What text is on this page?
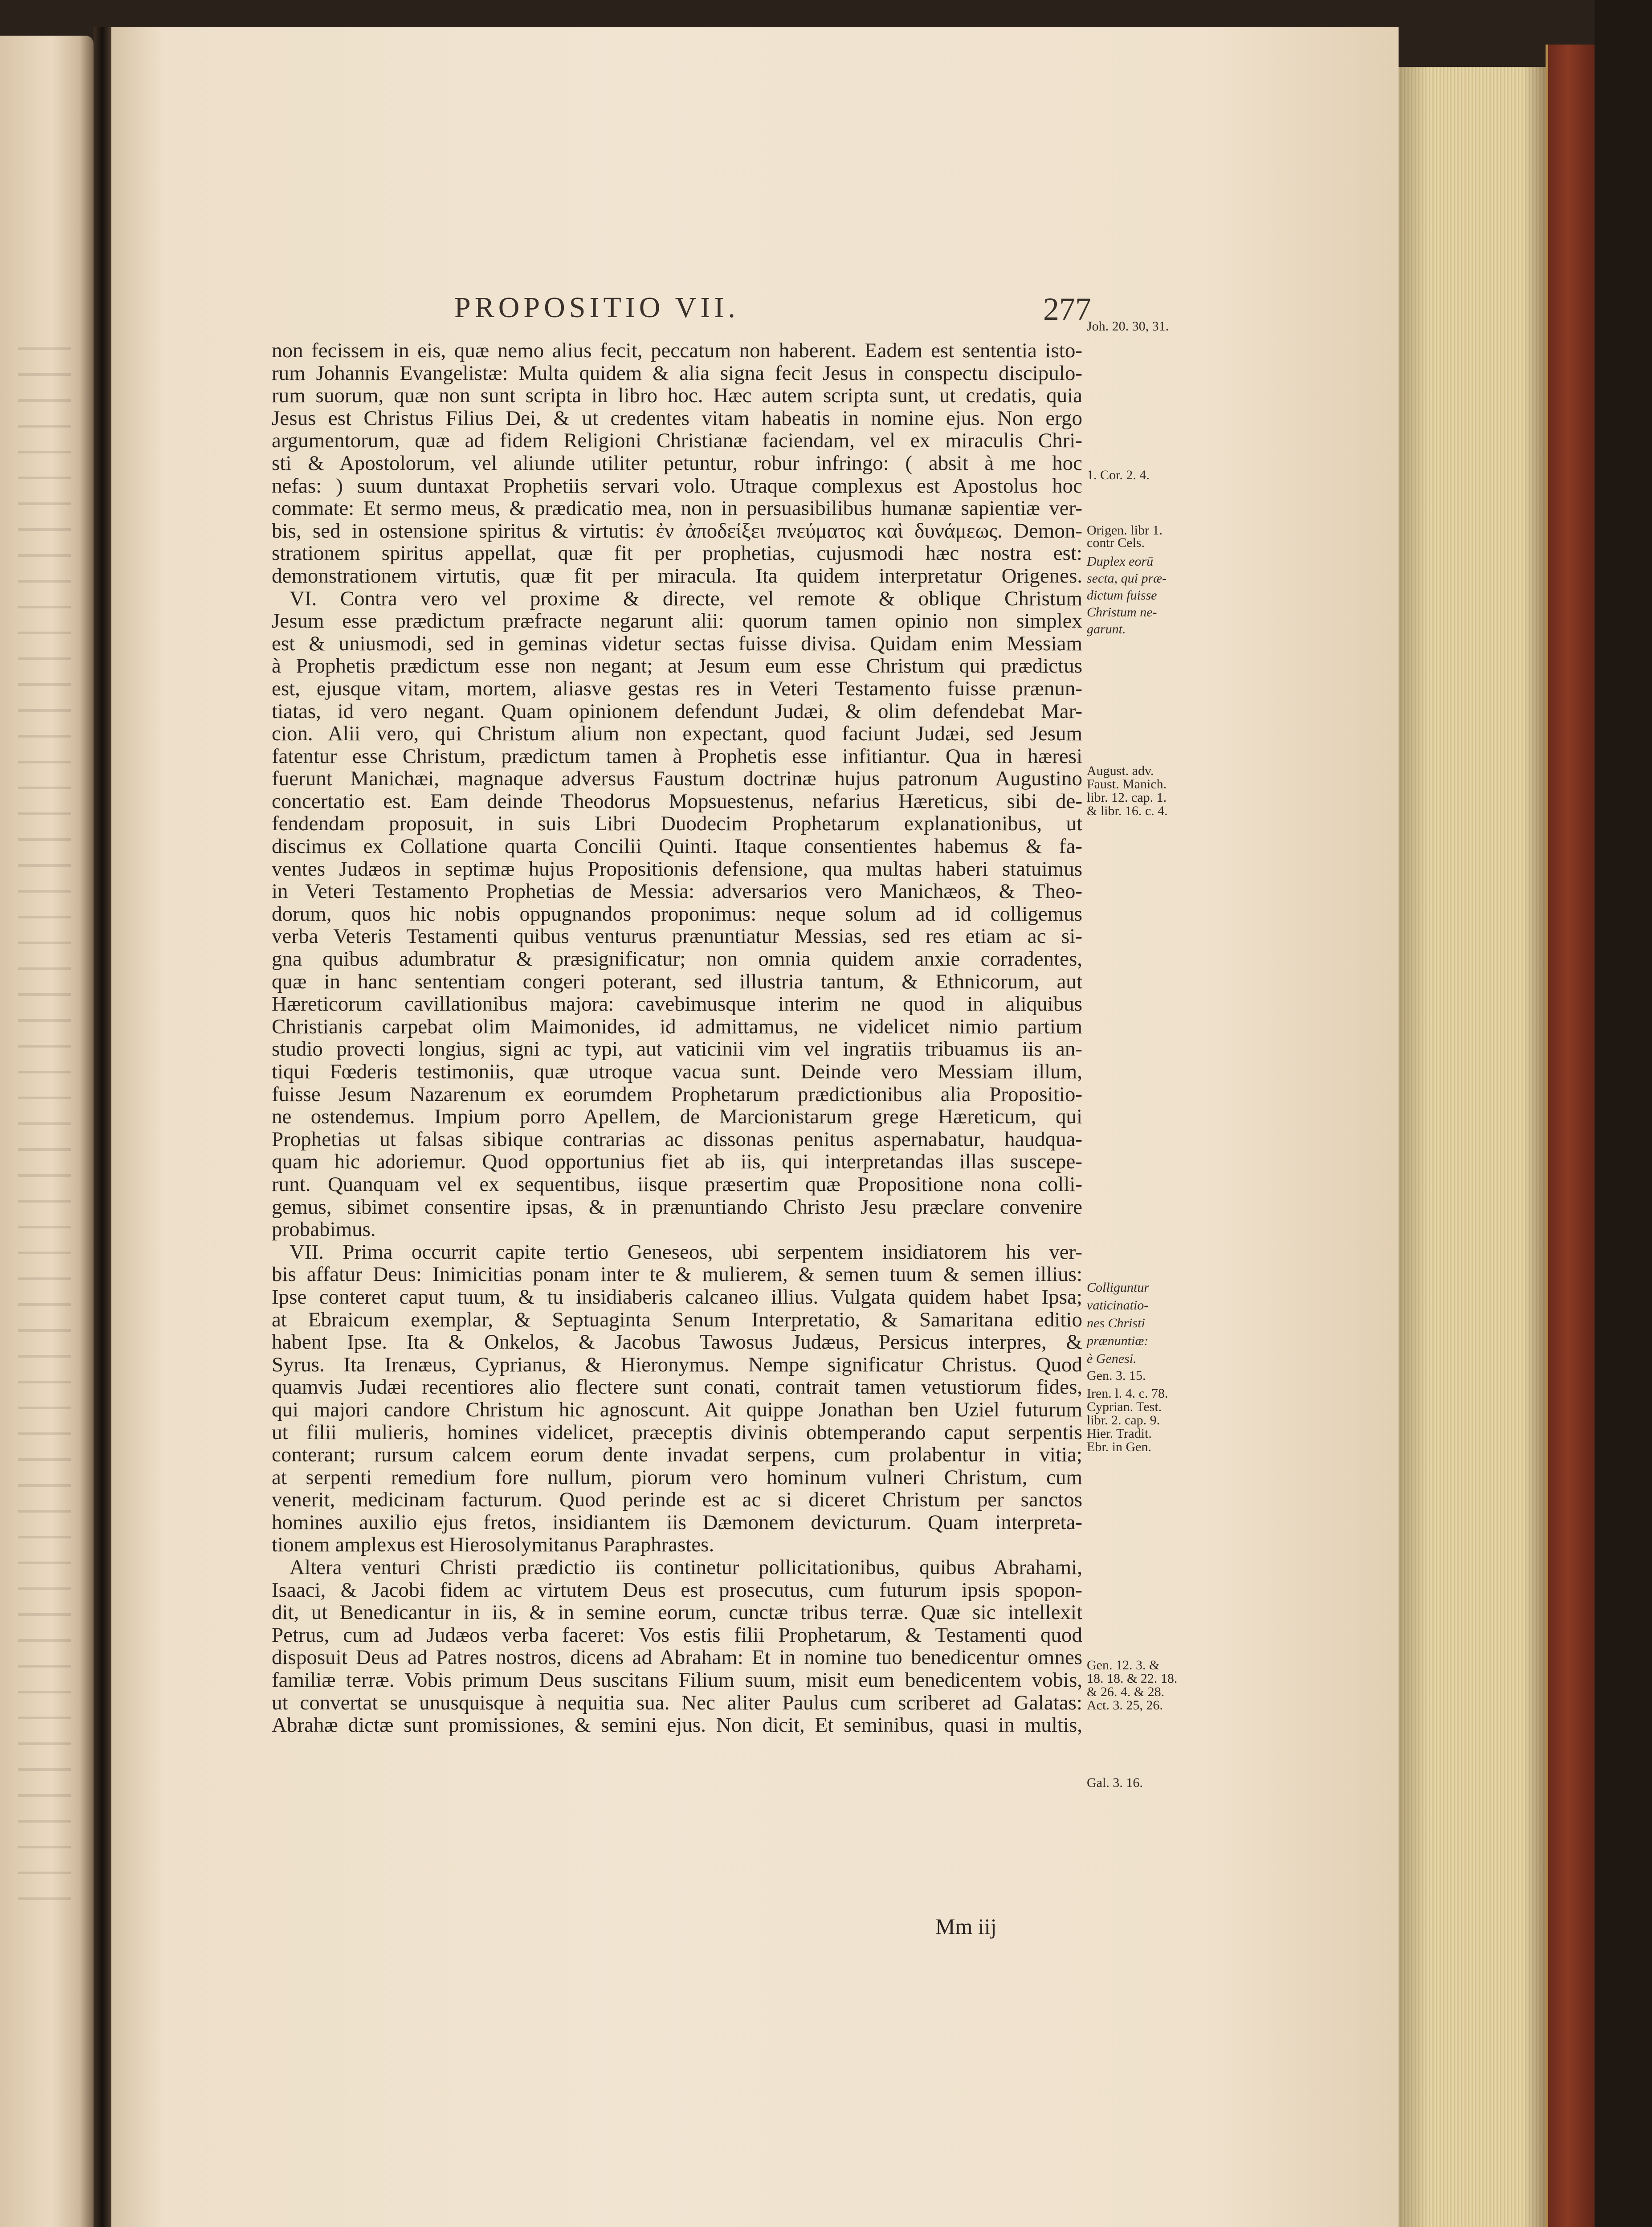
PROPOSITIO VII.	277
non fecissem in eis, quæ nemo alius fecit, peccatum non haberent. Eadem est sententia isto-
rum Johannis Evangelistæ: Multa quidem & alia signa fecit Jesus in conspectu discipulo-
rum suorum, quæ non sunt scripta in libro hoc. Hæc autem scripta sunt, ut credatis, quia
Jesus est Christus Filius Dei, & ut credentes vitam habeatis in nomine ejus. Non ergo
argumentorum, quæ ad fidem Religioni Christianæ faciendam, vel ex miraculis Chri-
sti & Apostolorum, vel aliunde utiliter petuntur, robur infringo: ( absit à me hoc
nefas: ) suum duntaxat Prophetiis servari volo. Utraque complexus est Apostolus hoc
commate: Et sermo meus, & prædicatio mea, non in persuasibilibus humanæ sapientiæ ver-
bis, sed in ostensione spiritus & virtutis: ἐν ἀποδείξει πνεύματος καὶ δυνάμεως. Demon-
strationem spiritus appellat, quæ fit per prophetias, cujusmodi hæc nostra est:
demonstrationem virtutis, quæ fit per miracula. Ita quidem interpretatur Origenes.
VI. Contra vero vel proxime & directe, vel remote & oblique Christum
Jesum esse prædictum præfracte negarunt alii: quorum tamen opinio non simplex
est & uniusmodi, sed in geminas videtur sectas fuisse divisa. Quidam enim Messiam
à Prophetis prædictum esse non negant; at Jesum eum esse Christum qui prædictus
est, ejusque vitam, mortem, aliasve gestas res in Veteri Testamento fuisse prænun-
tiatas, id vero negant. Quam opinionem defendunt Judæi, & olim defendebat Mar-
cion. Alii vero, qui Christum alium non expectant, quod faciunt Judæi, sed Jesum
fatentur esse Christum, prædictum tamen à Prophetis esse infitiantur. Qua in hæresi
fuerunt Manichæi, magnaque adversus Faustum doctrinæ hujus patronum Augustino
concertatio est. Eam deinde Theodorus Mopsuestenus, nefarius Hæreticus, sibi de-
fendendam proposuit, in suis Libri Duodecim Prophetarum explanationibus, ut
discimus ex Collatione quarta Concilii Quinti. Itaque consentientes habemus & fa-
ventes Judæos in septimæ hujus Propositionis defensione, qua multas haberi statuimus
in Veteri Testamento Prophetias de Messia: adversarios vero Manichæos, & Theo-
dorum, quos hic nobis oppugnandos proponimus: neque solum ad id colligemus
verba Veteris Testamenti quibus venturus prænuntiatur Messias, sed res etiam ac si-
gna quibus adumbratur & præsignificatur; non omnia quidem anxie corradentes,
quæ in hanc sententiam congeri poterant, sed illustria tantum, & Ethnicorum, aut
Hæreticorum cavillationibus majora: cavebimusque interim ne quod in aliquibus
Christianis carpebat olim Maimonides, id admittamus, ne videlicet nimio partium
studio provecti longius, signi ac typi, aut vaticinii vim vel ingratiis tribuamus iis an-
tiqui Fœderis testimoniis, quæ utroque vacua sunt. Deinde vero Messiam illum,
fuisse Jesum Nazarenum ex eorumdem Prophetarum prædictionibus alia Propositio-
ne ostendemus. Impium porro Apellem, de Marcionistarum grege Hæreticum, qui
Prophetias ut falsas sibique contrarias ac dissonas penitus aspernabatur, haudqua-
quam hic adoriemur. Quod opportunius fiet ab iis, qui interpretandas illas suscepe-
runt. Quanquam vel ex sequentibus, iisque præsertim quæ Propositione nona colli-
gemus, sibimet consentire ipsas, & in prænuntiando Christo Jesu præclare convenire
probabimus.
VII. Prima occurrit capite tertio Geneseos, ubi serpentem insidiatorem his ver-
bis affatur Deus: Inimicitias ponam inter te & mulierem, & semen tuum & semen illius:
Ipse conteret caput tuum, & tu insidiaberis calcaneo illius. Vulgata quidem habet Ipsa;
at Ebraicum exemplar, & Septuaginta Senum Interpretatio, & Samaritana editio
habent Ipse. Ita & Onkelos, & Jacobus Tawosus Judæus, Persicus interpres, &
Syrus. Ita Irenæus, Cyprianus, & Hieronymus. Nempe significatur Christus. Quod
quamvis Judæi recentiores alio flectere sunt conati, contrait tamen vetustiorum fides,
qui majori candore Christum hic agnoscunt. Ait quippe Jonathan ben Uziel futurum
ut filii mulieris, homines videlicet, præceptis divinis obtemperando caput serpentis
conterant; rursum calcem eorum dente invadat serpens, cum prolabentur in vitia;
at serpenti remedium fore nullum, piorum vero hominum vulneri Christum, cum
venerit, medicinam facturum. Quod perinde est ac si diceret Christum per sanctos
homines auxilio ejus fretos, insidiantem iis Dæmonem devicturum. Quam interpreta-
tionem amplexus est Hierosolymitanus Paraphrastes.
Altera venturi Christi prædictio iis continetur pollicitationibus, quibus Abrahami,
Isaaci, & Jacobi fidem ac virtutem Deus est prosecutus, cum futurum ipsis spopon-
dit, ut Benedicantur in iis, & in semine eorum, cunctæ tribus terræ. Quæ sic intellexit
Petrus, cum ad Judæos verba faceret: Vos estis filii Prophetarum, & Testamenti quod
disposuit Deus ad Patres nostros, dicens ad Abraham: Et in nomine tuo benedicentur omnes
familiæ terræ. Vobis primum Deus suscitans Filium suum, misit eum benedicentem vobis,
ut convertat se unusquisque à nequitia sua. Nec aliter Paulus cum scriberet ad Galatas:
Abrahæ dictæ sunt promissiones, & semini ejus. Non dicit, Et seminibus, quasi in multis,
Joh. 20. 30, 31.
1. Cor. 2. 4.
Origen. libr 1.
contr Cels.
Duplex eorū
secta, qui præ-
dictum fuisse
Christum ne-
garunt.
August. adv.
Faust. Manich.
libr. 12. cap. 1.
& libr. 16. c. 4.
Colliguntur
vaticinatio-
nes Christi
prænuntiæ:
è Genesi.
Gen. 3. 15.
Iren. l. 4. c. 78.
Cyprian. Test.
libr. 2. cap. 9.
Hier. Tradit.
Ebr. in Gen.
Gen. 12. 3. &
18. 18. & 22. 18.
& 26. 4. & 28.
Act. 3. 25, 26.
Gal. 3. 16.
Mm iij
